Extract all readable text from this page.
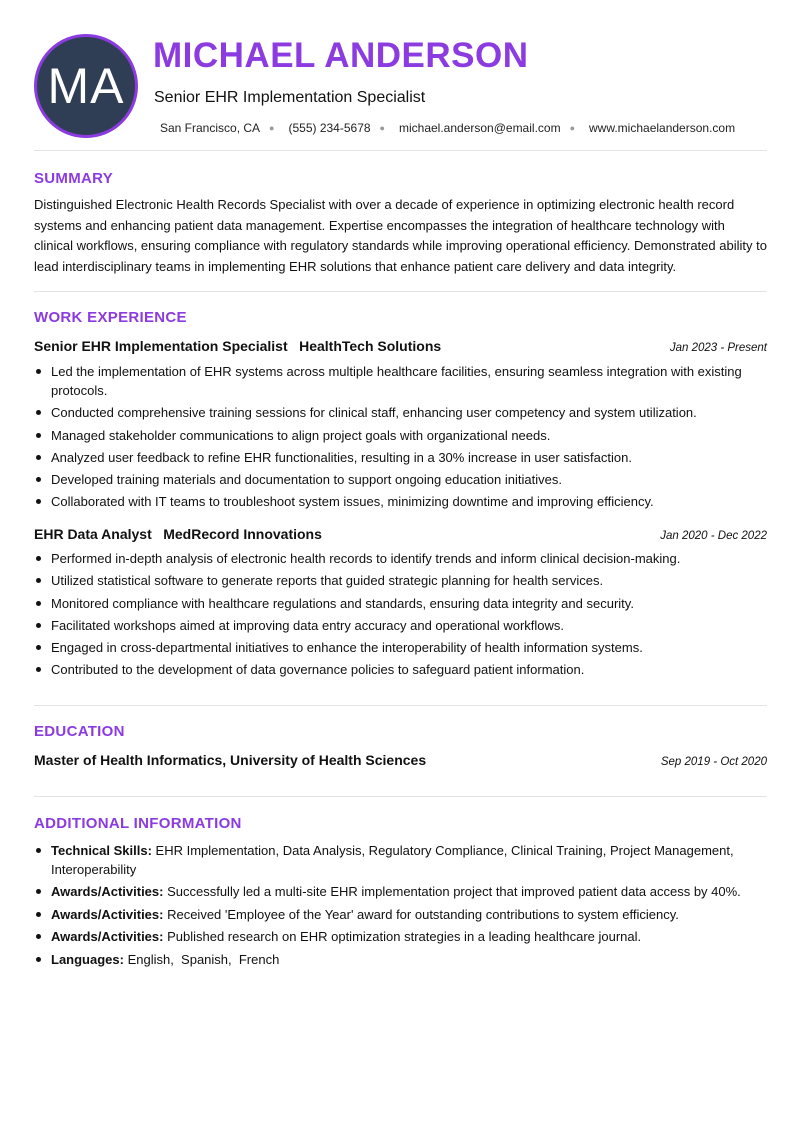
MA
MICHAEL ANDERSON
Senior EHR Implementation Specialist
San Francisco, CA ● (555) 234-5678 ● michael.anderson@email.com ● www.michaelanderson.com
SUMMARY

Distinguished Electronic Health Records Specialist with over a decade of experience in optimizing electronic health record systems and enhancing patient data management. Expertise encompasses the integration of healthcare technology with clinical workflows, ensuring compliance with regulatory standards while improving operational efficiency. Demonstrated ability to lead interdisciplinary teams in implementing EHR solutions that enhance patient care delivery and data integrity.

WORK EXPERIENCE
Senior EHR Implementation Specialist HealthTech Solutions	Jan 2023 - Present
Led the implementation of EHR systems across multiple healthcare facilities, ensuring seamless integration with existing protocols.
Conducted comprehensive training sessions for clinical staff, enhancing user competency and system utilization.
Managed stakeholder communications to align project goals with organizational needs.
Analyzed user feedback to refine EHR functionalities, resulting in a 30% increase in user satisfaction.
Developed training materials and documentation to support ongoing education initiatives.
Collaborated with IT teams to troubleshoot system issues, minimizing downtime and improving efficiency.
EHR Data Analyst MedRecord Innovations	Jan 2020 - Dec 2022
Performed in-depth analysis of electronic health records to identify trends and inform clinical decision-making.
Utilized statistical software to generate reports that guided strategic planning for health services.
Monitored compliance with healthcare regulations and standards, ensuring data integrity and security.
Facilitated workshops aimed at improving data entry accuracy and operational workflows.
Engaged in cross-departmental initiatives to enhance the interoperability of health information systems.
Contributed to the development of data governance policies to safeguard patient information.
EDUCATION
Master of Health Informatics, University of Health Sciences	Sep 2019 - Oct 2020
ADDITIONAL INFORMATION
Technical Skills: EHR Implementation, Data Analysis, Regulatory Compliance, Clinical Training, Project Management, Interoperability
Awards/Activities: Successfully led a multi-site EHR implementation project that improved patient data access by 40%.
Awards/Activities: Received 'Employee of the Year' award for outstanding contributions to system efficiency.
Awards/Activities: Published research on EHR optimization strategies in a leading healthcare journal.
Languages: English,  Spanish,  French
